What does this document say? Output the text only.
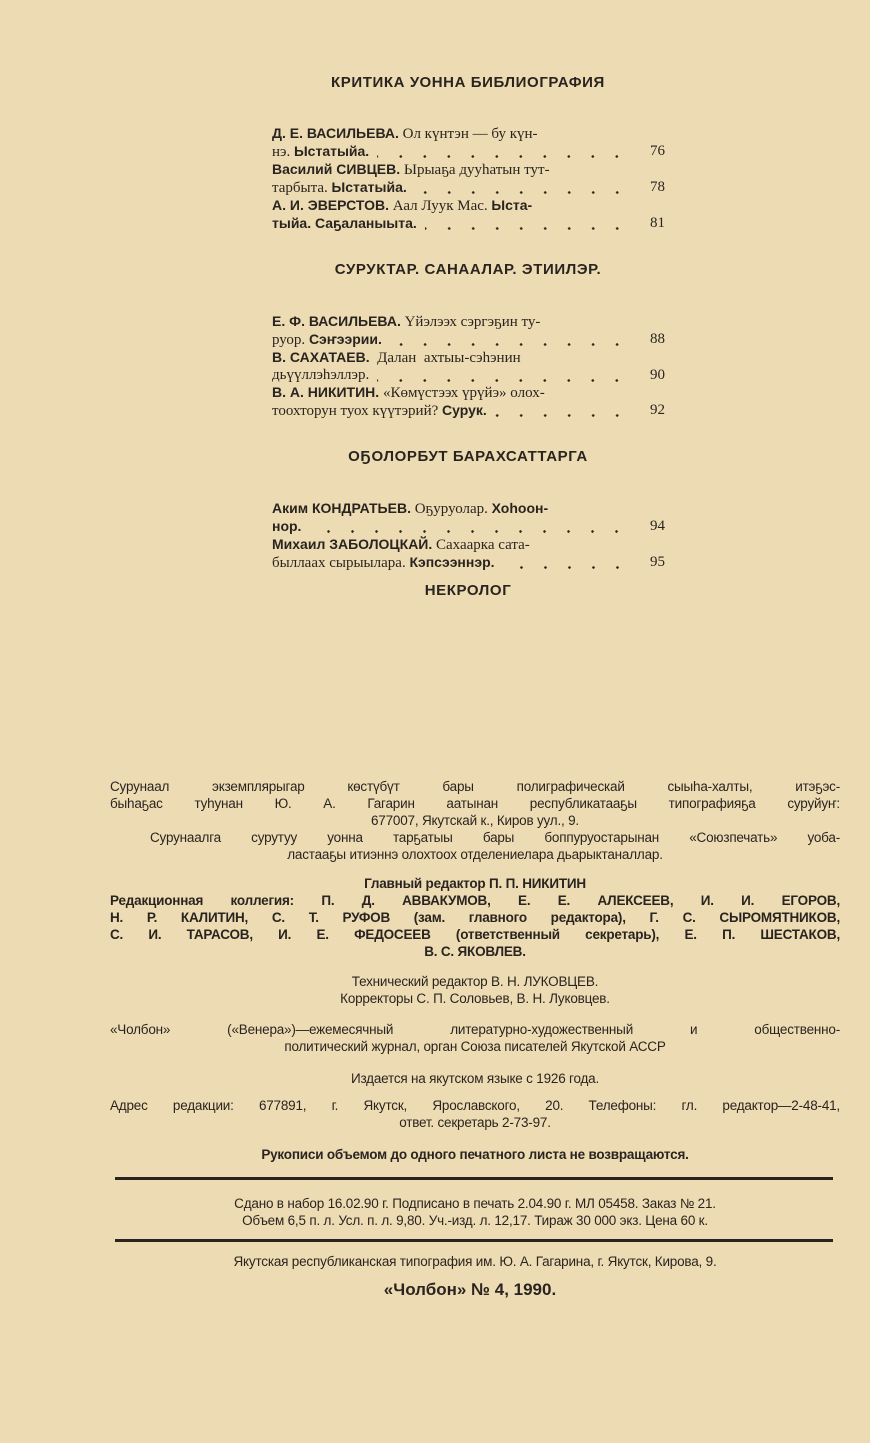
КРИТИКА УОННА БИБЛИОГРАФИЯ
Д. Е. ВАСИЛЬЕВА. Ол күнтэн — бу күн-
нэ. Ыстатыйа.	76
Василий СИВЦЕВ. Ырыаҕа дууһатын тут-
тарбыта. Ыстатыйа.	78
А. И. ЭВЕРСТОВ. Аал Луук Мас. Ыста-
тыйа. Саҕаланыыта.	81
СУРУКТАР. САНААЛАР. ЭТИИЛЭР.
Е. Ф. ВАСИЛЬЕВА. Үйэлээх сэргэҕин ту-
руор. Сэҥээрии.	88
В. САХАТАЕВ.  Далан  ахтыы-сэһэнин
дьүүллэһэллэр.	90
В. А. НИКИТИН. «Көмүстээх үрүйэ» олох-
тоохторун туох күүтэрий? Сурук.	92
ОҔОЛОРБУТ БАРАХСАТТАРГА
Аким КОНДРАТЬЕВ. Оҕуруолар. Хоһоон-
нор.	94
Михаил ЗАБОЛОЦКАЙ. Сахаарка сата-
быллаах сырыылара. Кэпсээннэр.	95
НЕКРОЛОГ
Сурунаал экземплярыгар көстүбүт бары полиграфическай сыыһа-халты, итэҕэс-
быһаҕас туһунан Ю. А. Гагарин аатынан республикатааҕы типографияҕа суруйуҥ:
677007, Якутскай к., Киров уул., 9.
Сурунаалга сурутуу уонна тарҕатыы бары боппуруостарынан «Союзпечать» уоба-
ластааҕы итиэннэ олохтоох отделениелара дьарыктаналлар.
Главный редактор П. П. НИКИТИН
Редакционная коллегия: П. Д. АВВАКУМОВ, Е. Е. АЛЕКСЕЕВ, И. И. ЕГОРОВ,
Н. Р. КАЛИТИН, С. Т. РУФОВ (зам. главного редактора), Г. С. СЫРОМЯТНИКОВ,
С. И. ТАРАСОВ, И. Е. ФЕДОСЕЕВ (ответственный секретарь), Е. П. ШЕСТАКОВ,
В. С. ЯКОВЛЕВ.
Технический редактор В. Н. ЛУКОВЦЕВ.
Корректоры С. П. Соловьев, В. Н. Луковцев.
«Чолбон» («Венера»)—ежемесячный литературно-художественный и общественно-
политический журнал, орган Союза писателей Якутской АССР
Издается на якутском языке с 1926 года.
Адрес редакции: 677891, г. Якутск, Ярославского, 20. Телефоны: гл. редактор—2-48-41,
ответ. секретарь 2-73-97.
Рукописи объемом до одного печатного листа не возвращаются.
Сдано в набор 16.02.90 г. Подписано в печать 2.04.90 г. МЛ 05458. Заказ № 21.
Объем 6,5 п. л. Усл. п. л. 9,80. Уч.-изд. л. 12,17. Тираж 30 000 экз. Цена 60 к.
Якутская республиканская типография им. Ю. А. Гагарина, г. Якутск, Кирова, 9.
«Чолбон» № 4, 1990.
